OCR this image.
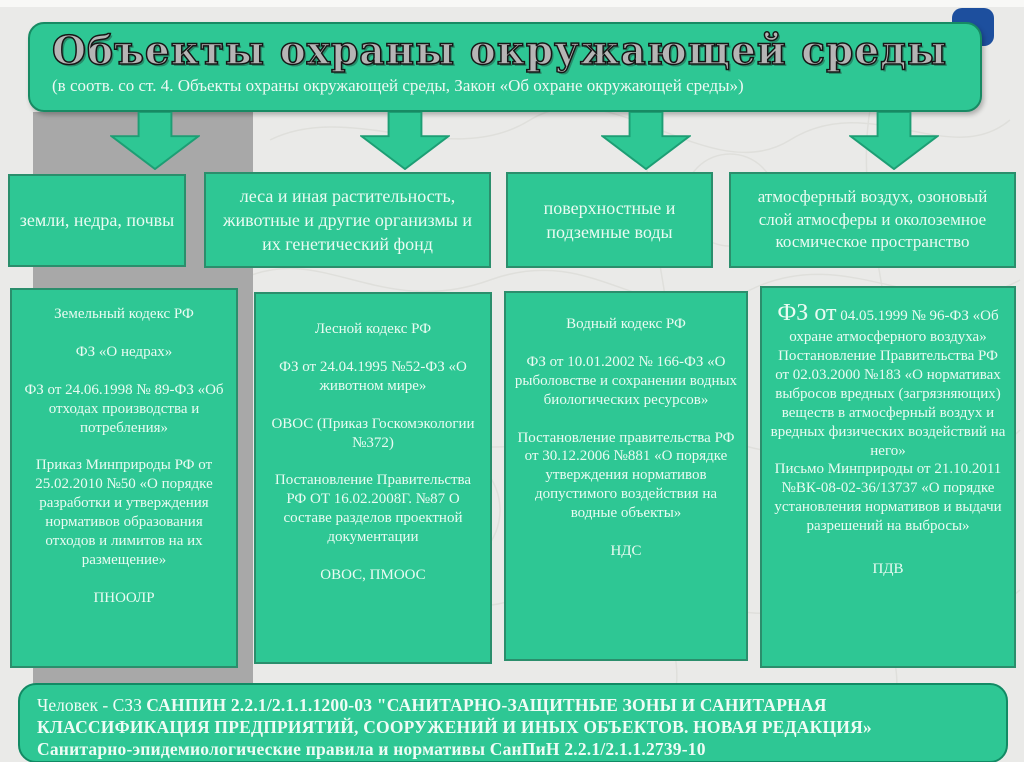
Объекты охраны окружающей среды
(в соотв. со ст. 4. Объекты охраны окружающей среды, Закон «Об охране окружающей среды»)
земли, недра, почвы
леса и иная растительность, животные и другие организмы и их генетический фонд
поверхностные и подземные воды
атмосферный воздух, озоновый слой атмосферы и околоземное космическое пространство

Земельный кодекс РФ

ФЗ «О недрах»

ФЗ от 24.06.1998 № 89-ФЗ «Об отходах производства и потребления»

Приказ Минприроды РФ от 25.02.2010 №50 «О порядке разработки и утверждения нормативов образования отходов и лимитов на их размещение»

ПНООЛР

Лесной кодекс РФ

ФЗ от 24.04.1995 №52-ФЗ «О животном мире»

ОВОС (Приказ Госкомэкологии №372)

Постановление Правительства РФ ОТ 16.02.2008Г. №87 О составе разделов проектной документации

ОВОС, ПМООС

Водный кодекс РФ

ФЗ от 10.01.2002 № 166-ФЗ «О рыболовстве и сохранении водных биологических ресурсов»

Постановление правительства РФ от 30.12.2006 №881 «О порядке утверждения нормативов допустимого воздействия на водные объекты»

НДС

ФЗ от 04.05.1999 № 96-ФЗ «Об охране атмосферного воздуха»

Постановление Правительства РФ от 02.03.2000 №183 «О нормативах выбросов вредных (загрязняющих) веществ в атмосферный воздух и вредных физических воздействий на него»

Письмо Минприроды от 21.10.2011 №ВК-08-02-36/13737 «О порядке установления нормативов и выдачи разрешений на выбросы»

ПДВ

Человек - СЗЗ САНПИН 2.2.1/2.1.1.1200-03 "САНИТАРНО-ЗАЩИТНЫЕ ЗОНЫ И САНИТАРНАЯ КЛАССИФИКАЦИЯ ПРЕДПРИЯТИЙ, СООРУЖЕНИЙ И ИНЫХ ОБЪЕКТОВ. НОВАЯ РЕДАКЦИЯ»
Санитарно-эпидемиологические правила и нормативы СанПиН 2.2.1/2.1.1.2739-10
